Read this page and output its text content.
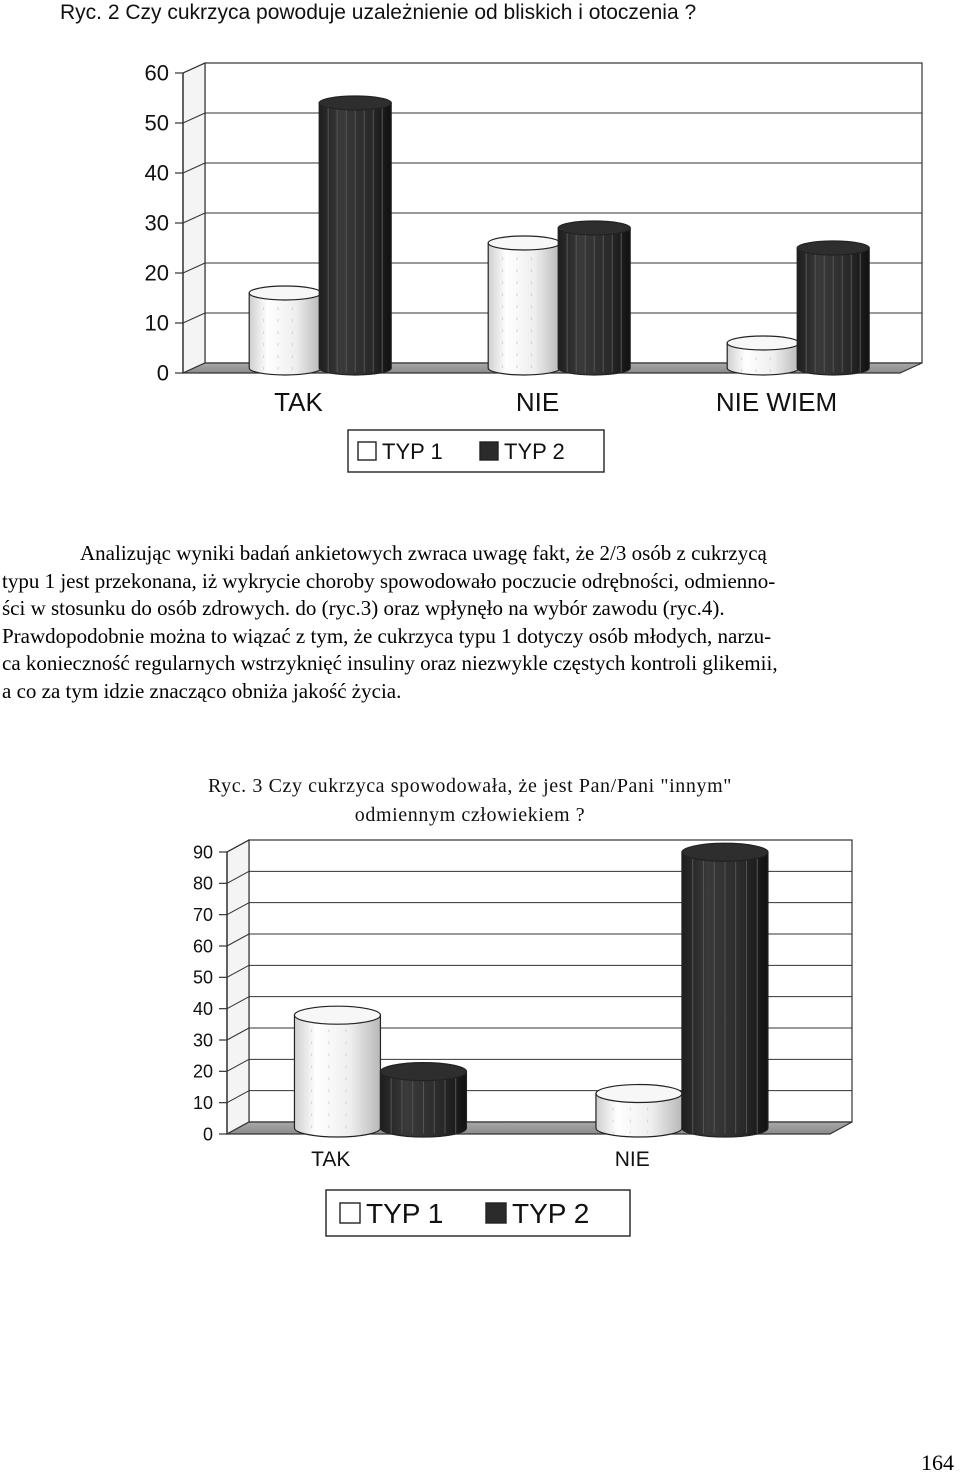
Ryc. 2 Czy cukrzyca powoduje uzależnienie od bliskich i otoczenia ?
0
10
20
30
40
50
60
TAK	NIE	NIE WIEM
TYP 1	TYP 2

Analizując wyniki badań ankietowych zwraca uwagę fakt, że 2/3 osób z cukrzycą
typu 1 jest przekonana, iż wykrycie choroby spowodowało poczucie odrębności, odmienno-
ści w stosunku do osób zdrowych. do (ryc.3) oraz wpłynęło na wybór zawodu (ryc.4).
Prawdopodobnie można to wiązać z tym, że cukrzyca typu 1 dotyczy osób młodych, narzu-
ca konieczność regularnych wstrzyknięć insuliny oraz niezwykle częstych kontroli glikemii,
a co za tym idzie znacząco obniża jakość życia.

Ryc. 3 Czy cukrzyca spowodowała, że jest Pan/Pani "innym"
odmiennym człowiekiem ?
0
10
20
30
40
50
60
70
80
90
TAK	NIE
TYP 1 TYP 2
164
